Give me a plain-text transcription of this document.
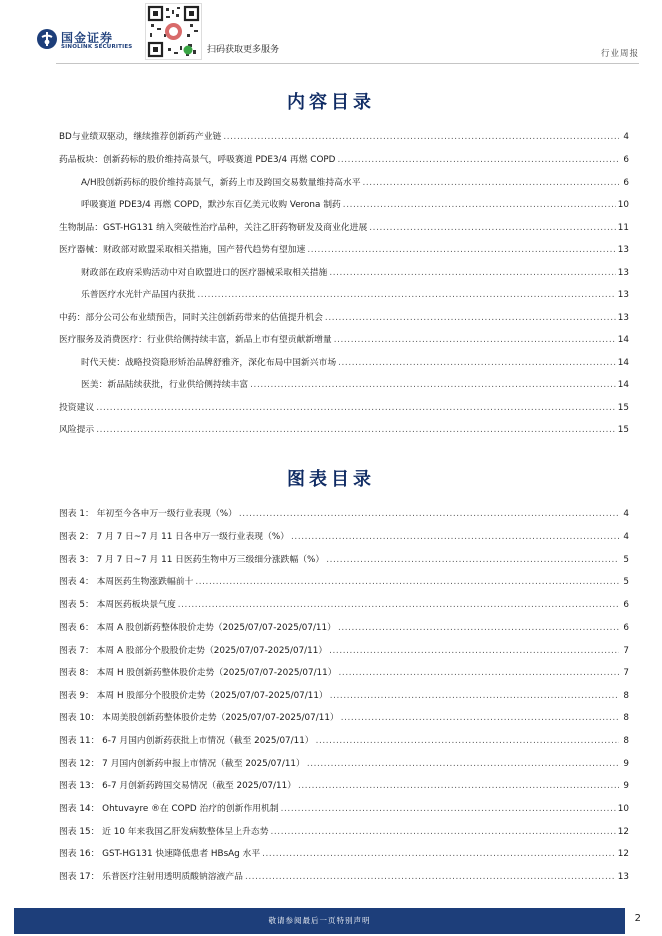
国金证券
SINOLINK SECURITIES	扫码获取更多服务	行业周报
内容目录
BD与业绩双驱动，继续推荐创新药产业链 .....	4
药品板块：创新药标的股价维持高景气，呼吸赛道 PDE3/4 再燃 COPD .....	6
A/H股创新药标的股价维持高景气，新药上市及跨国交易数量维持高水平 .....	6
呼吸赛道 PDE3/4 再燃 COPD，默沙东百亿美元收购 Verona 制药 .....	10
生物制品：GST-HG131 纳入突破性治疗品种，关注乙肝药物研发及商业化进展 .....	11
医疗器械：财政部对欧盟采取相关措施，国产替代趋势有望加速 .....	13
财政部在政府采购活动中对自欧盟进口的医疗器械采取相关措施 .....	13
乐普医疗水光针产品国内获批 .....	13
中药：部分公司公布业绩预告，同时关注创新药带来的估值提升机会 .....	13
医疗服务及消费医疗：行业供给侧持续丰富，新品上市有望贡献新增量 .....	14
时代天使：战略投资隐形矫治品牌舒雅齐，深化布局中国新兴市场 .....	14
医美：新品陆续获批，行业供给侧持续丰富 .....	14
投资建议 .....	15
风险提示 .....	15
图表目录
图表 1： 年初至今各申万一级行业表现（%） .....	4
图表 2： 7 月 7 日~7 月 11 日各申万一级行业表现（%） .....	4
图表 3： 7 月 7 日~7 月 11 日医药生物申万三级细分涨跌幅（%） .....	5
图表 4： 本周医药生物涨跌幅前十 .....	5
图表 5： 本周医药板块景气度 .....	6
图表 6： 本周 A 股创新药整体股价走势（2025/07/07-2025/07/11） .....	6
图表 7： 本周 A 股部分个股股价走势（2025/07/07-2025/07/11） .....	7
图表 8： 本周 H 股创新药整体股价走势（2025/07/07-2025/07/11） .....	7
图表 9： 本周 H 股部分个股股价走势（2025/07/07-2025/07/11） .....	8
图表 10： 本周美股创新药整体股价走势（2025/07/07-2025/07/11） .....	8
图表 11： 6-7 月国内创新药获批上市情况（截至 2025/07/11） .....	8
图表 12： 7 月国内创新药申报上市情况（截至 2025/07/11） .....	9
图表 13： 6-7 月创新药跨国交易情况（截至 2025/07/11） .....	9
图表 14： Ohtuvayre ®在 COPD 治疗的创新作用机制 .....	10
图表 15： 近 10 年来我国乙肝发病数整体呈上升态势 .....	12
图表 16： GST-HG131 快速降低患者 HBsAg 水平 .....	12
图表 17： 乐普医疗注射用透明质酸钠溶液产品 .....	13
敬请参阅最后一页特别声明	2
